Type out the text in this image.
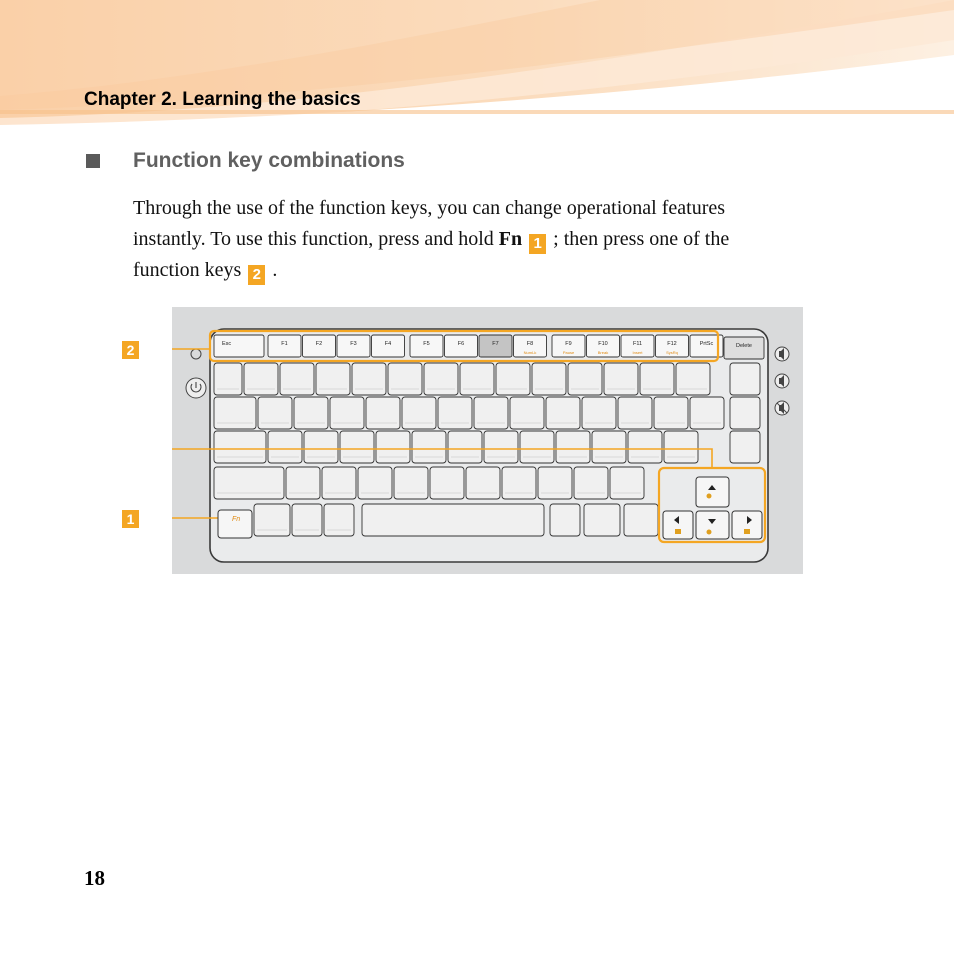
Chapter 2. Learning the basics
Function key combinations

Through the use of the function keys, you can change operational features

instantly. To use this function, press and hold Fn 1 ; then press one of the

function keys 2 .

Esc	F1	F2	F3	F4	F5	F6	F7	F8
NumLk
F9
Pause
F10
Break
F11
Insert
F12
SysRq
PrtSc	Delete
Fn
2
1
18
